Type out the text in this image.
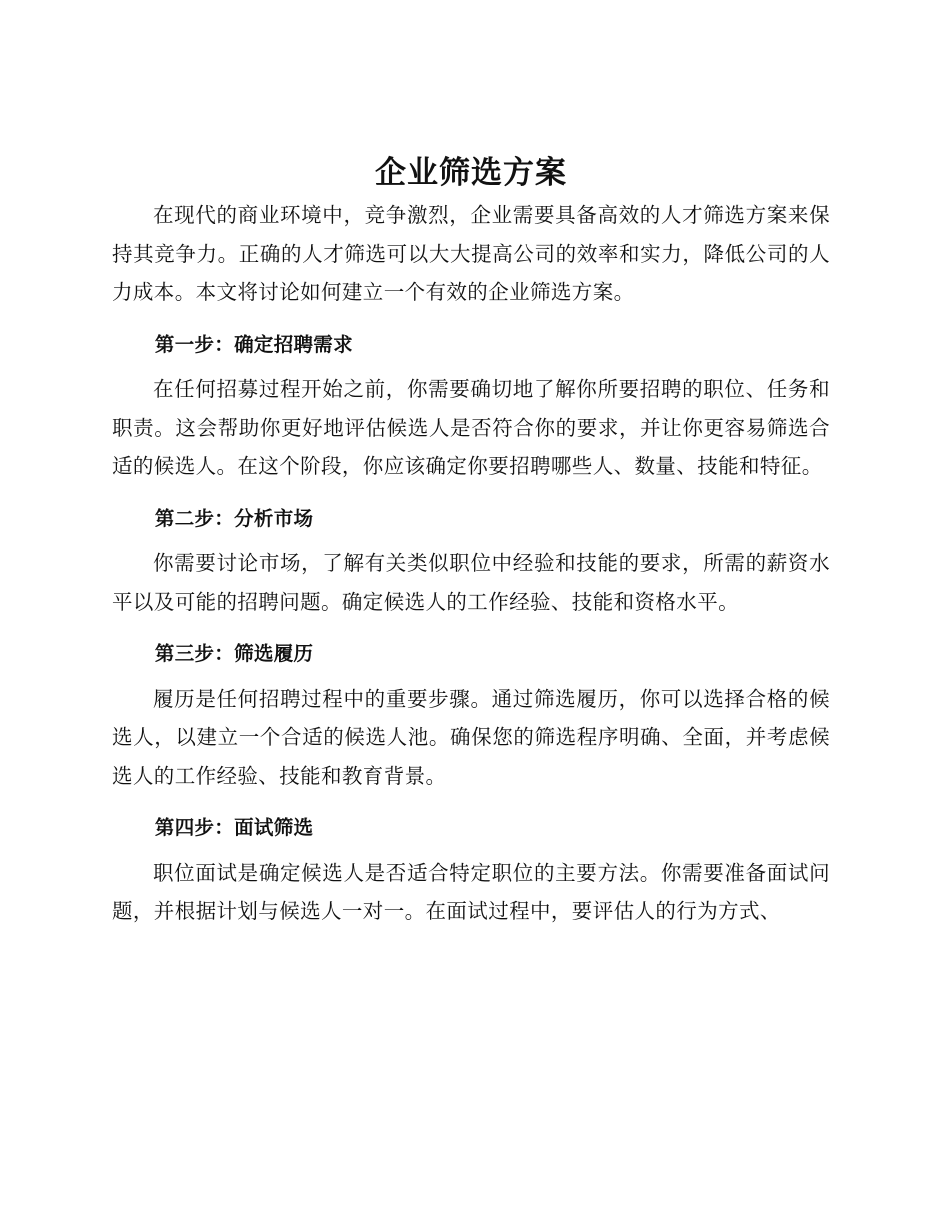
企业筛选方案

在现代的商业环境中，竞争激烈，企业需要具备高效的人才筛选方案来保持其竞争力。正确的人才筛选可以大大提高公司的效率和实力，降低公司的人力成本。本文将讨论如何建立一个有效的企业筛选方案。

第一步：确定招聘需求

在任何招募过程开始之前，你需要确切地了解你所要招聘的职位、任务和职责。这会帮助你更好地评估候选人是否符合你的要求，并让你更容易筛选合适的候选人。在这个阶段，你应该确定你要招聘哪些人、数量、技能和特征。

第二步：分析市场

你需要讨论市场，了解有关类似职位中经验和技能的要求，所需的薪资水平以及可能的招聘问题。确定候选人的工作经验、技能和资格水平。

第三步：筛选履历

履历是任何招聘过程中的重要步骤。通过筛选履历，你可以选择合格的候选人，以建立一个合适的候选人池。确保您的筛选程序明确、全面，并考虑候选人的工作经验、技能和教育背景。

第四步：面试筛选

职位面试是确定候选人是否适合特定职位的主要方法。你需要准备面试问题，并根据计划与候选人一对一。在面试过程中，要评估人的行为方式、
